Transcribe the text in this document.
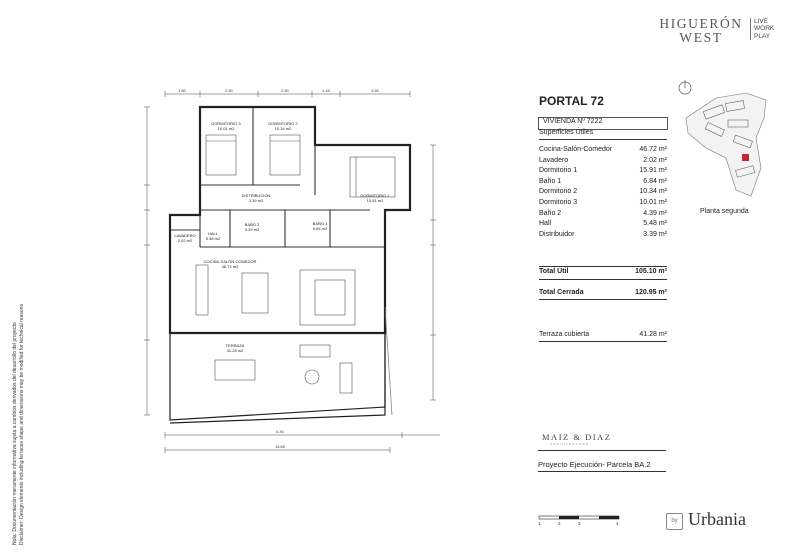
HIGUERÓN
WEST
LIVE
WORK
PLAY
Nota: Documentación meramente informativa sujeta a cambios derivados del desarrollo del proyecto Disclaimer: Design elements including terraces shape and dimensions may be modified for technical reasons
DORMITORIO 3
10.01 m2
DORMITORIO 2
10.34 m2
DORMITORIO 1
15.91 m2
DISTRIBUCION
3.39 m2
BAÑO 2
4.39 m2
BAÑO 1
6.84 m2
HALL
5.48 m2
LAVADERO
2.02 m2
COCINA-SALÓN-COMEDOR
46.72 m2
TERRAZA
41.28 m2
1.80	2.80	2.80	1.45	3.50
6.40
15.65
PORTAL 72
VIVIENDA Nº 7222
Superficies Útiles
Cocina-Salón-Comedor	46.72 m²
Lavadero	2.02 m²
Dormitorio 1	15.91 m²
Baño 1	6.84 m²
Dormitorio 2	10.34 m²
Dormitorio 3	10.01 m²
Baño 2	4.39 m²
Hall	5.48 m²
Distribuidor	3.39 m²
Total Útil	105.10 m²
Total Cerrada	120.95 m²
Terraza cubierta	41.28 m²
Planta segunda
MAIZ & DIAZ
ARQUITECTURA
Proyecto Ejecución- Parcela BA.2
1	2	3	4	by Urbania
